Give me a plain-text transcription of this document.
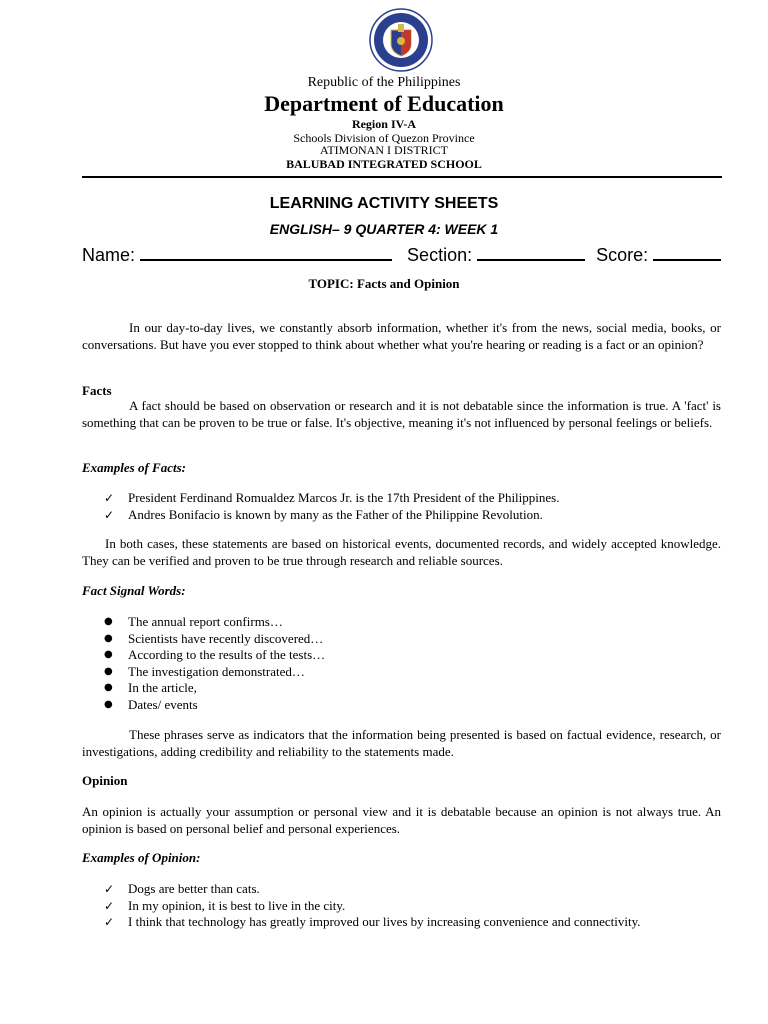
Republic of the Philippines
Department of Education
Region IV-A
Schools Division of Quezon Province
ATIMONAN I DISTRICT
BALUBAD INTEGRATED SCHOOL
LEARNING ACTIVITY SHEETS
ENGLISH– 9 QUARTER 4: WEEK 1
Name:	Section:	Score:
TOPIC: Facts and Opinion
In our day-to-day lives, we constantly absorb information, whether it's from the news, social media, books, or conversations. But have you ever stopped to think about whether what you're hearing or reading is a fact or an opinion?
Facts
A fact should be based on observation or research and it is not debatable since the information is true. A 'fact' is something that can be proven to be true or false. It's objective, meaning it's not influenced by personal feelings or beliefs.
Examples of Facts:
✓ President Ferdinand Romualdez Marcos Jr. is the 17th President of the Philippines.
✓ Andres Bonifacio is known by many as the Father of the Philippine Revolution.
In both cases, these statements are based on historical events, documented records, and widely accepted knowledge. They can be verified and proven to be true through research and reliable sources.
Fact Signal Words:
● The annual report confirms…
● Scientists have recently discovered…
● According to the results of the tests…
● The investigation demonstrated…
● In the article,
● Dates/ events
These phrases serve as indicators that the information being presented is based on factual evidence, research, or investigations, adding credibility and reliability to the statements made.
Opinion
An opinion is actually your assumption or personal view and it is debatable because an opinion is not always true. An opinion is based on personal belief and personal experiences.
Examples of Opinion:
✓ Dogs are better than cats.
✓ In my opinion, it is best to live in the city.
✓ I think that technology has greatly improved our lives by increasing convenience and connectivity.
